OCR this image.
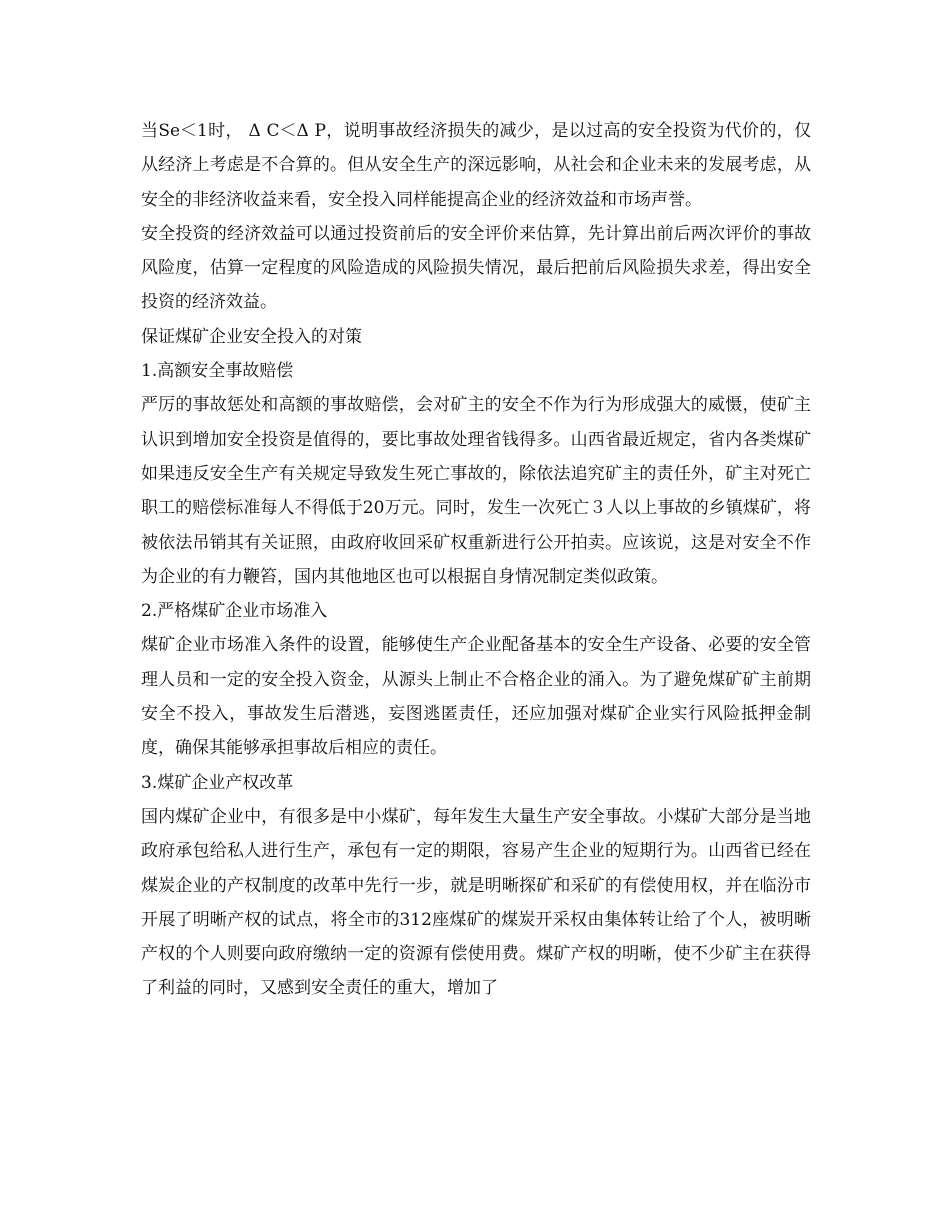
当Se＜1时， Δ C＜Δ P，说明事故经济损失的减少，是以过高的安全投资为代价的，仅从经济上考虑是不合算的。但从安全生产的深远影响，从社会和企业未来的发展考虑，从安全的非经济收益来看，安全投入同样能提高企业的经济效益和市场声誉。

安全投资的经济效益可以通过投资前后的安全评价来估算，先计算出前后两次评价的事故风险度，估算一定程度的风险造成的风险损失情况，最后把前后风险损失求差，得出安全投资的经济效益。

保证煤矿企业安全投入的对策

1.高额安全事故赔偿

严厉的事故惩处和高额的事故赔偿，会对矿主的安全不作为行为形成强大的威慑，使矿主认识到增加安全投资是值得的，要比事故处理省钱得多。山西省最近规定，省内各类煤矿如果违反安全生产有关规定导致发生死亡事故的，除依法追究矿主的责任外，矿主对死亡职工的赔偿标准每人不得低于20万元。同时，发生一次死亡３人以上事故的乡镇煤矿，将被依法吊销其有关证照，由政府收回采矿权重新进行公开拍卖。应该说，这是对安全不作为企业的有力鞭笞，国内其他地区也可以根据自身情况制定类似政策。

2.严格煤矿企业市场准入

煤矿企业市场准入条件的设置，能够使生产企业配备基本的安全生产设备、必要的安全管理人员和一定的安全投入资金，从源头上制止不合格企业的涌入。为了避免煤矿矿主前期安全不投入，事故发生后潜逃，妄图逃匿责任，还应加强对煤矿企业实行风险抵押金制度，确保其能够承担事故后相应的责任。

3.煤矿企业产权改革

国内煤矿企业中，有很多是中小煤矿，每年发生大量生产安全事故。小煤矿大部分是当地政府承包给私人进行生产，承包有一定的期限，容易产生企业的短期行为。山西省已经在煤炭企业的产权制度的改革中先行一步，就是明晰探矿和采矿的有偿使用权，并在临汾市开展了明晰产权的试点，将全市的312座煤矿的煤炭开采权由集体转让给了个人，被明晰产权的个人则要向政府缴纳一定的资源有偿使用费。煤矿产权的明晰，使不少矿主在获得了利益的同时，又感到安全责任的重大，增加了
